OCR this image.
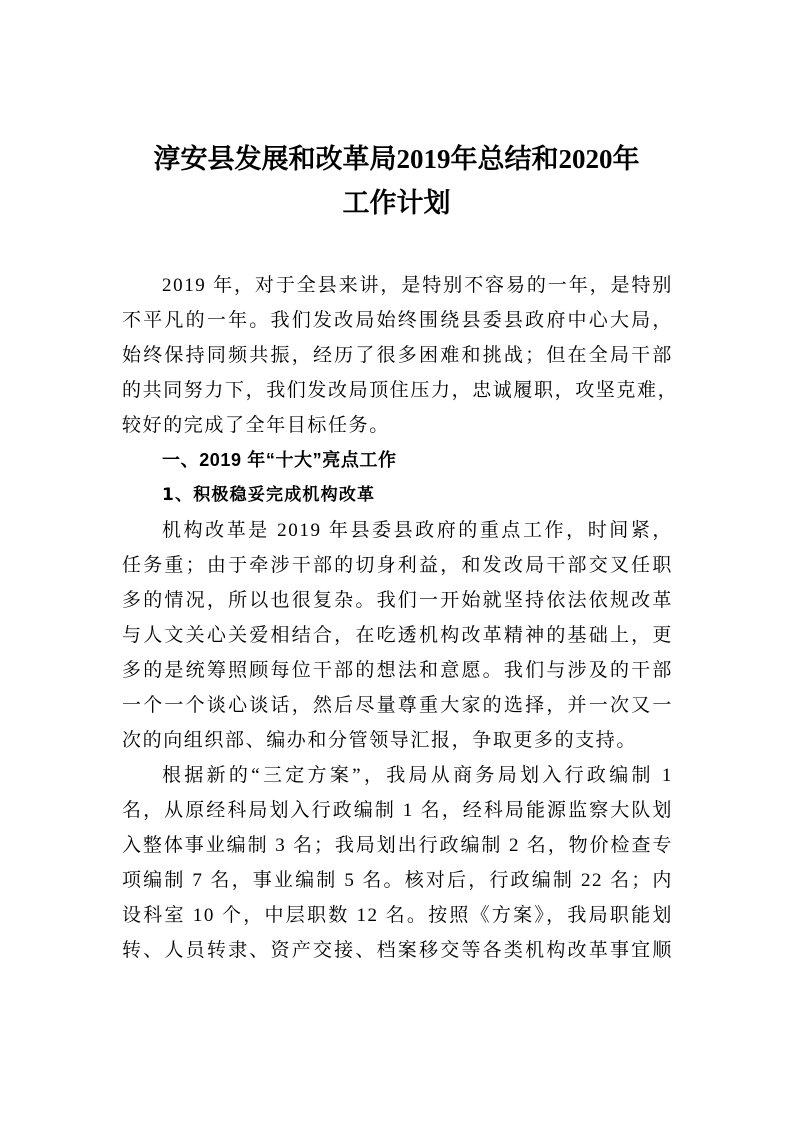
淳安县发展和改革局2019年总结和2020年
工作计划
2019 年，对于全县来讲，是特别不容易的一年，是特别
不平凡的一年。我们发改局始终围绕县委县政府中心大局，
始终保持同频共振，经历了很多困难和挑战；但在全局干部
的共同努力下，我们发改局顶住压力，忠诚履职，攻坚克难，
较好的完成了全年目标任务。
一、2019 年“十大”亮点工作
1、积极稳妥完成机构改革
机构改革是 2019 年县委县政府的重点工作，时间紧，
任务重；由于牵涉干部的切身利益，和发改局干部交叉任职
多的情况，所以也很复杂。我们一开始就坚持依法依规改革
与人文关心关爱相结合，在吃透机构改革精神的基础上，更
多的是统筹照顾每位干部的想法和意愿。我们与涉及的干部
一个一个谈心谈话，然后尽量尊重大家的选择，并一次又一
次的向组织部、编办和分管领导汇报，争取更多的支持。
根据新的“三定方案”，我局从商务局划入行政编制 1
名，从原经科局划入行政编制 1 名，经科局能源监察大队划
入整体事业编制 3 名；我局划出行政编制 2 名，物价检查专
项编制 7 名，事业编制 5 名。核对后，行政编制 22 名；内
设科室 10 个，中层职数 12 名。按照《方案》，我局职能划
转、人员转隶、资产交接、档案移交等各类机构改革事宜顺
